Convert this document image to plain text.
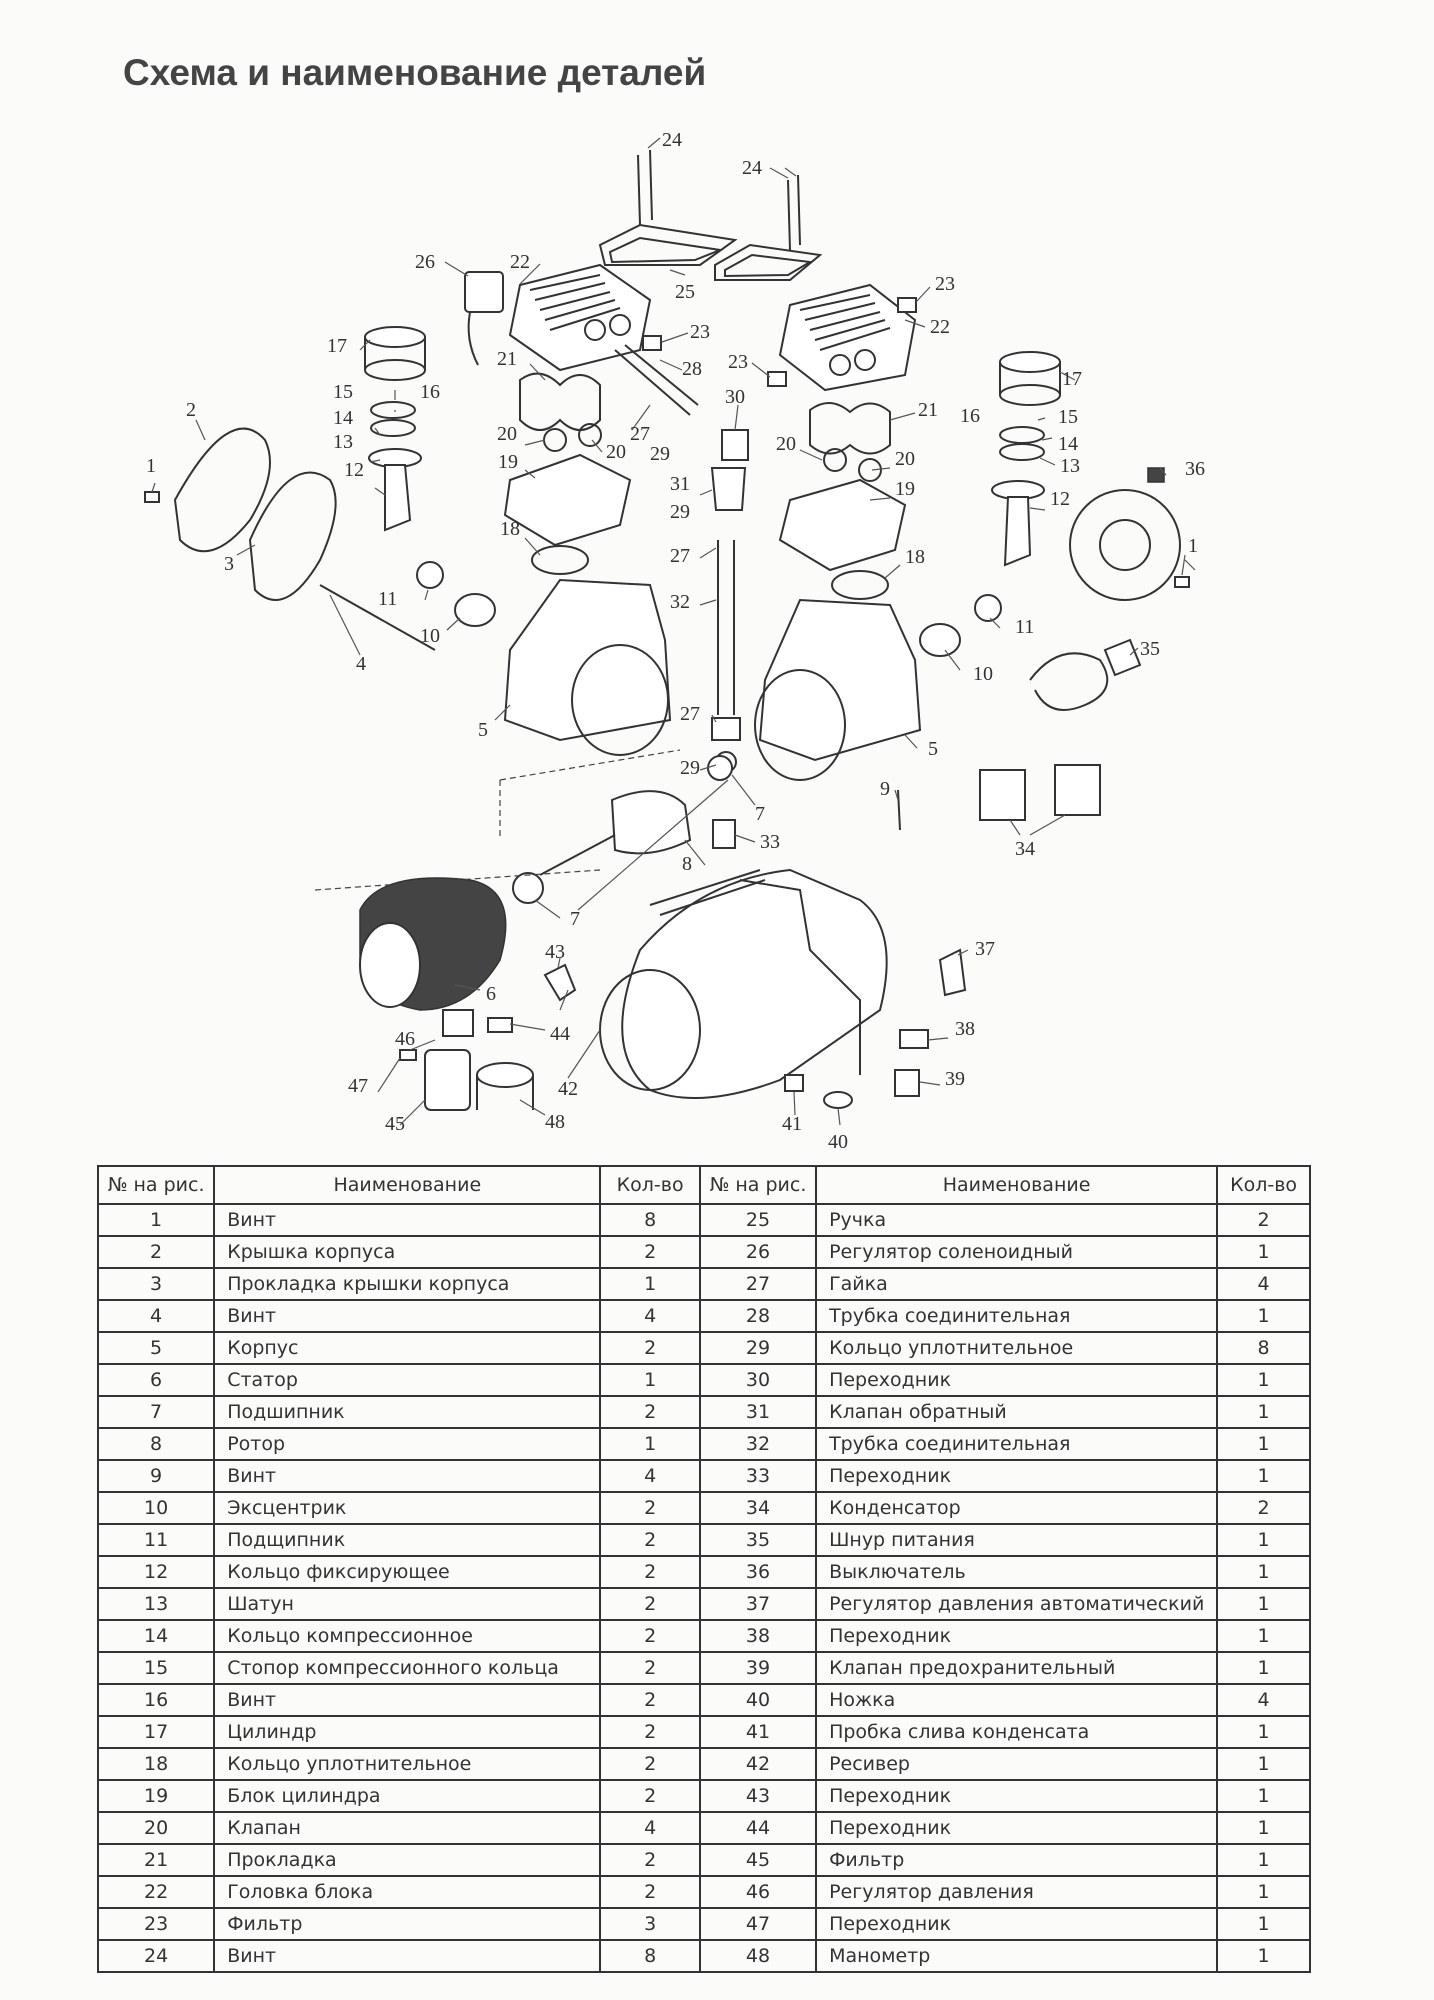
Схема и наименование деталей
1
1
2
3
4
5
5
6
7
7
8
9
10
10
11
11
12
12
13
13
14
14
15
15
16
16
17
17
18
18
19
19
20
20	20
20
21
21
22
22
23
23
23
24
24
25
26
27
27
27
28
29
29
29
30
31
32
33	34
35
36
37
38
39
40
41
42
43
44
45
46
47
48
№ на рис.	Наименование	Кол-во	№ на рис.	Наименование	Кол-во
1	Винт	8	25	Ручка	2
2	Крышка корпуса	2	26	Регулятор соленоидный	1
3	Прокладка крышки корпуса	1	27	Гайка	4
4	Винт	4	28	Трубка соединительная	1
5	Корпус	2	29	Кольцо уплотнительное	8
6	Статор	1	30	Переходник	1
7	Подшипник	2	31	Клапан обратный	1
8	Ротор	1	32	Трубка соединительная	1
9	Винт	4	33	Переходник	1
10	Эксцентрик	2	34	Конденсатор	2
11	Подщипник	2	35	Шнур питания	1
12	Кольцо фиксирующее	2	36	Выключатель	1
13	Шатун	2	37	Регулятор давления автоматический	1
14	Кольцо компрессионное	2	38	Переходник	1
15	Стопор компрессионного кольца	2	39	Клапан предохранительный	1
16	Винт	2	40	Ножка	4
17	Цилиндр	2	41	Пробка слива конденсата	1
18	Кольцо уплотнительное	2	42	Ресивер	1
19	Блок цилиндра	2	43	Переходник	1
20	Клапан	4	44	Переходник	1
21	Прокладка	2	45	Фильтр	1
22	Головка блока	2	46	Регулятор давления	1
23	Фильтр	3	47	Переходник	1
24	Винт	8	48	Манометр	1
